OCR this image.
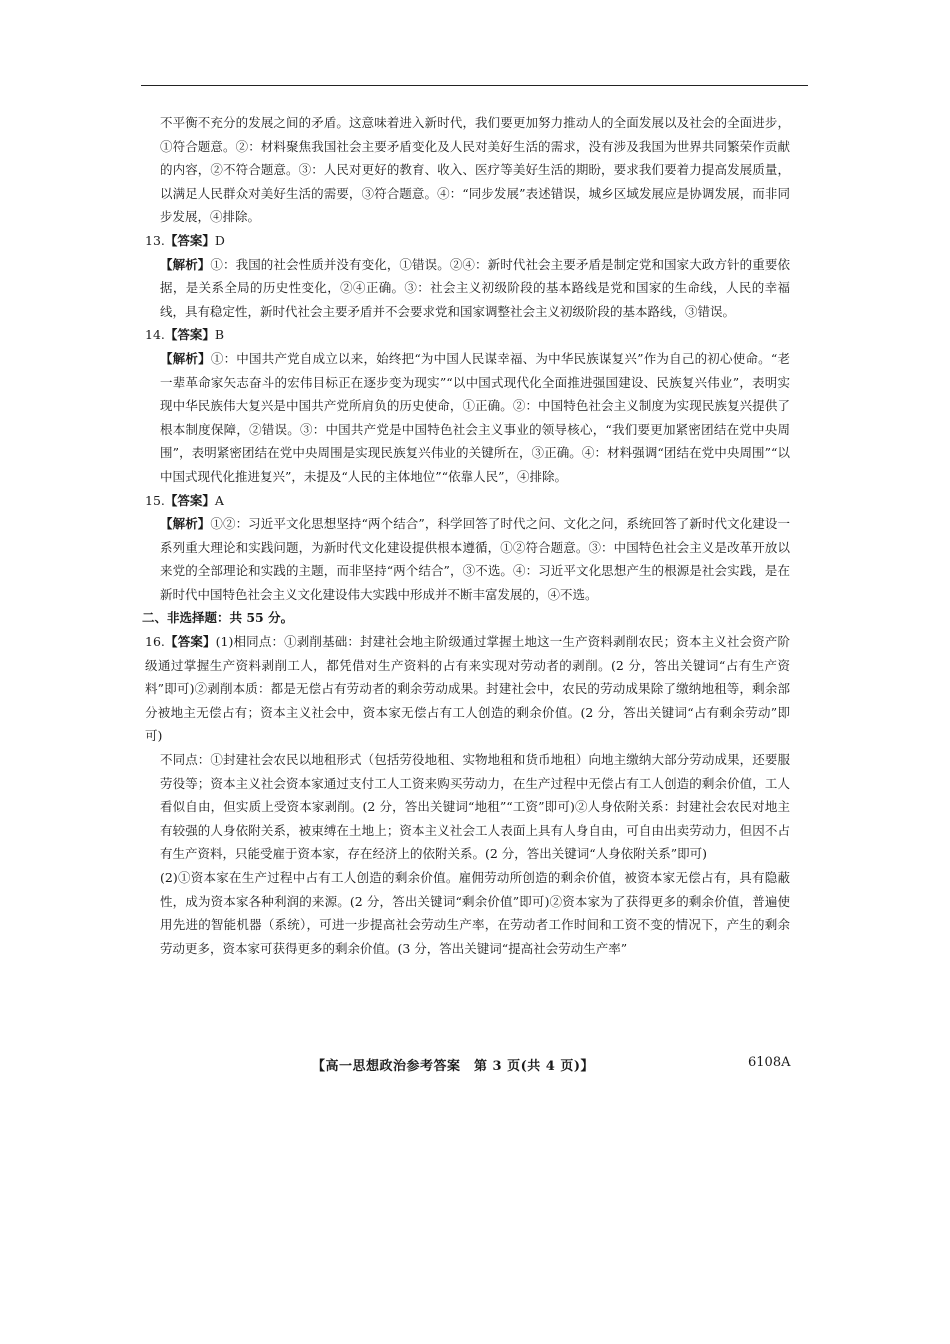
不平衡不充分的发展之间的矛盾。这意味着进入新时代，我们要更加努力推动人的全面发展以及社会的全面进步，①符合题意。②：材料聚焦我国社会主要矛盾变化及人民对美好生活的需求，没有涉及我国为世界共同繁荣作贡献的内容，②不符合题意。③：人民对更好的教育、收入、医疗等美好生活的期盼，要求我们要着力提高发展质量，以满足人民群众对美好生活的需要，③符合题意。④：“同步发展”表述错误，城乡区域发展应是协调发展，而非同步发展，④排除。

13.【答案】D

【解析】①：我国的社会性质并没有变化，①错误。②④：新时代社会主要矛盾是制定党和国家大政方针的重要依据，是关系全局的历史性变化，②④正确。③：社会主义初级阶段的基本路线是党和国家的生命线，人民的幸福线，具有稳定性，新时代社会主要矛盾并不会要求党和国家调整社会主义初级阶段的基本路线，③错误。

14.【答案】B

【解析】①：中国共产党自成立以来，始终把“为中国人民谋幸福、为中华民族谋复兴”作为自己的初心使命。“老一辈革命家矢志奋斗的宏伟目标正在逐步变为现实”“以中国式现代化全面推进强国建设、民族复兴伟业”，表明实现中华民族伟大复兴是中国共产党所肩负的历史使命，①正确。②：中国特色社会主义制度为实现民族复兴提供了根本制度保障，②错误。③：中国共产党是中国特色社会主义事业的领导核心，“我们要更加紧密团结在党中央周围”，表明紧密团结在党中央周围是实现民族复兴伟业的关键所在，③正确。④：材料强调“团结在党中央周围”“以中国式现代化推进复兴”，未提及“人民的主体地位”“依靠人民”，④排除。

15.【答案】A

【解析】①②：习近平文化思想坚持“两个结合”，科学回答了时代之问、文化之问，系统回答了新时代文化建设一系列重大理论和实践问题，为新时代文化建设提供根本遵循，①②符合题意。③：中国特色社会主义是改革开放以来党的全部理论和实践的主题，而非坚持“两个结合”，③不选。④：习近平文化思想产生的根源是社会实践，是在新时代中国特色社会主义文化建设伟大实践中形成并不断丰富发展的，④不选。

二、非选择题：共 55 分。

16.【答案】(1)相同点：①剥削基础：封建社会地主阶级通过掌握土地这一生产资料剥削农民；资本主义社会资产阶级通过掌握生产资料剥削工人，都凭借对生产资料的占有来实现对劳动者的剥削。(2 分，答出关键词“占有生产资料”即可)②剥削本质：都是无偿占有劳动者的剩余劳动成果。封建社会中，农民的劳动成果除了缴纳地租等，剩余部分被地主无偿占有；资本主义社会中，资本家无偿占有工人创造的剩余价值。(2 分，答出关键词“占有剩余劳动”即可)

不同点：①封建社会农民以地租形式（包括劳役地租、实物地租和货币地租）向地主缴纳大部分劳动成果，还要服劳役等；资本主义社会资本家通过支付工人工资来购买劳动力，在生产过程中无偿占有工人创造的剩余价值，工人看似自由，但实质上受资本家剥削。(2 分，答出关键词“地租”“工资”即可)②人身依附关系：封建社会农民对地主有较强的人身依附关系，被束缚在土地上；资本主义社会工人表面上具有人身自由，可自由出卖劳动力，但因不占有生产资料，只能受雇于资本家，存在经济上的依附关系。(2 分，答出关键词“人身依附关系”即可)

(2)①资本家在生产过程中占有工人创造的剩余价值。雇佣劳动所创造的剩余价值，被资本家无偿占有，具有隐蔽性，成为资本家各种利润的来源。(2 分，答出关键词“剩余价值”即可)②资本家为了获得更多的剩余价值，普遍使用先进的智能机器（系统），可进一步提高社会劳动生产率，在劳动者工作时间和工资不变的情况下，产生的剩余劳动更多，资本家可获得更多的剩余价值。(3 分，答出关键词“提高社会劳动生产率”

【高一思想政治参考答案　第 3 页(共 4 页)】	6108A
